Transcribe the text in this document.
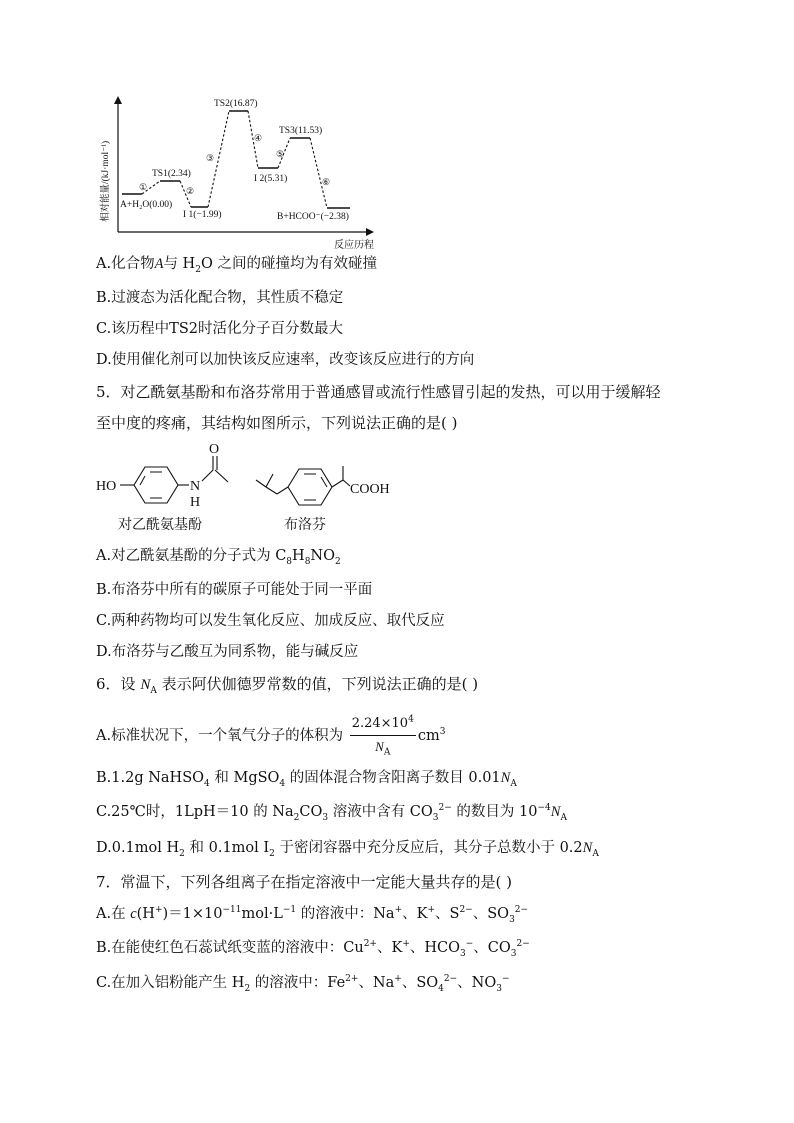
相对能量/(kJ·mol⁻¹)
反应历程
①	②
③
④
⑤
⑥
A+H₂O(0.00)
TS1(2.34)
I 1(−1.99)
TS2(16.87)
I 2(5.31)
TS3(11.53)
B+HCOO⁻(−2.38)
A.化合物A与 $H_2O$ 之间的碰撞均为有效碰撞
B.过渡态为活化配合物，其性质不稳定
C.该历程中TS2时活化分子百分数最大
D.使用催化剂可以加快该反应速率，改变该反应进行的方向
5．对乙酰氨基酚和布洛芬常用于普通感冒或流行性感冒引起的发热，可以用于缓解轻
至中度的疼痛，其结构如图所示，下列说法正确的是( )
HO	N
H
O
对乙酰氨基酚
COOH
布洛芬
A.对乙酰氨基酚的分子式为 $C_8H_8NO_2$
B.布洛芬中所有的碳原子可能处于同一平面
C.两种药物均可以发生氧化反应、加成反应、取代反应
D.布洛芬与乙酸互为同系物，能与碱反应
6．设 $N_A$ 表示阿伏伽德罗常数的值，下列说法正确的是( )
A.标准状况下，一个氧气分子的体积为 $\frac{2.24\times 10^4}{N_A} cm^3$
B.1.2g NaHSO$_4$ 和 MgSO$_4$ 的固体混合物含阳离子数目 $0.01N_A$
C.25℃时，1LpH＝10 的 $Na_2CO_3$ 溶液中含有 $CO_3^{2-}$ 的数目为 $10^{-4}N_A$
D.0.1mol $H_2$ 和 0.1mol $I_2$ 于密闭容器中充分反应后，其分子总数小于 $0.2N_A$
7．常温下，下列各组离子在指定溶液中一定能大量共存的是( )
A.在 $c(H^+)=1\times 10^{-11}mol\cdot L^{-1}$ 的溶液中：Na+、K+、$S^{2-}$、$SO_3^{2-}$
B.在能使红色石蕊试纸变蓝的溶液中：$Cu^{2+}$、K+、$HCO_3^-$、$CO_3^{2-}$
C.在加入铝粉能产生 $H_2$ 的溶液中：$Fe^{2+}$、Na+、$SO_4^{2-}$、$NO_3^-$
